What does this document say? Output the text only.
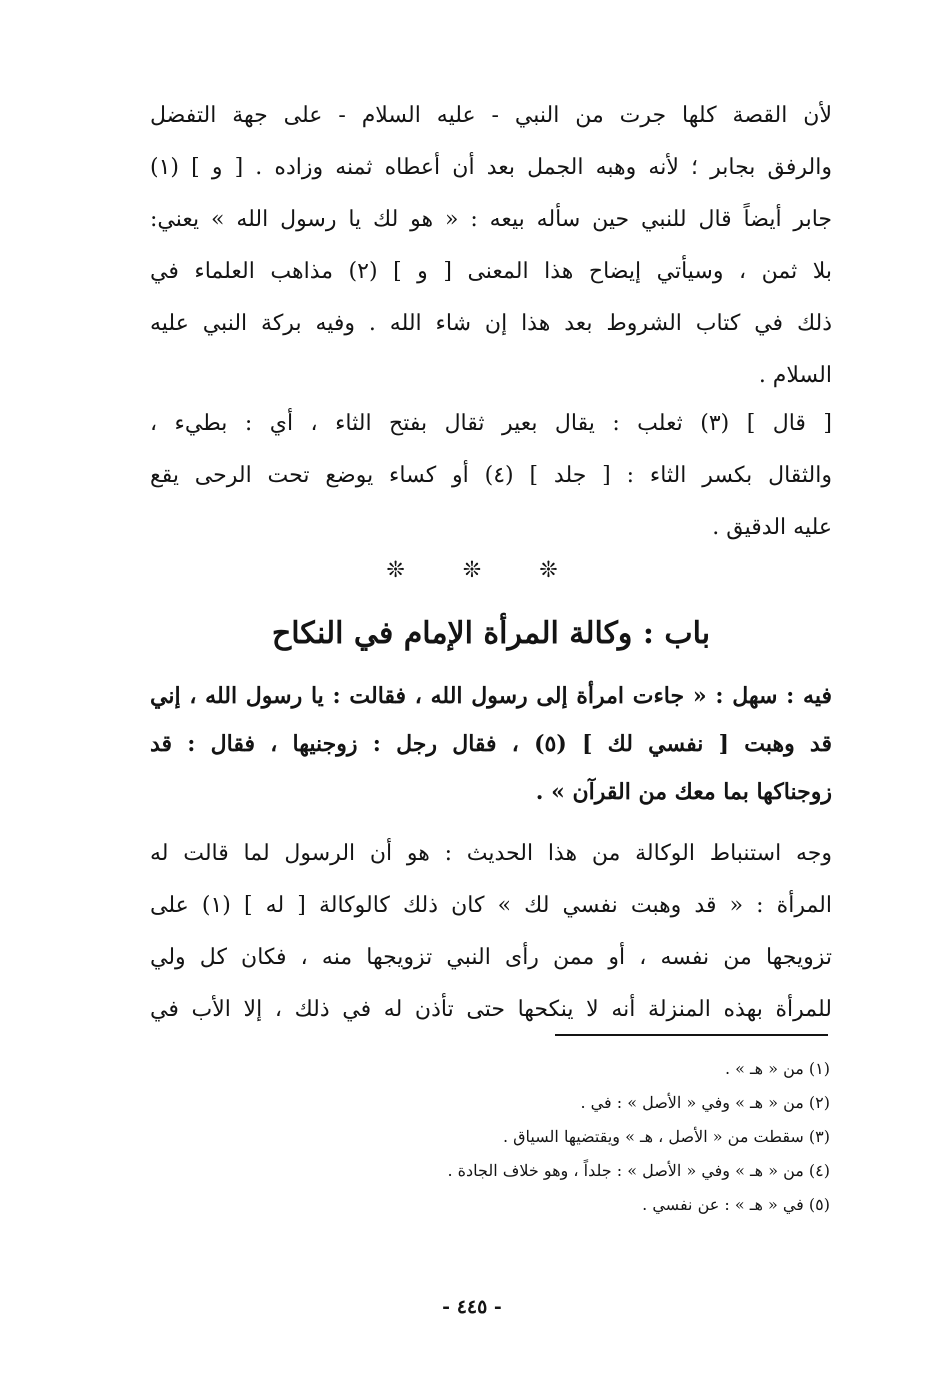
لأن القصة كلها جرت من النبي - عليه السلام - على جهة التفضل
والرفق بجابر ؛ لأنه وهبه الجمل بعد أن أعطاه ثمنه وزاده . [ و ] (١)
جابر أيضاً قال للنبي حين سأله بيعه : « هو لك يا رسول الله » يعني:
بلا ثمن ، وسيأتي إيضاح هذا المعنى [ و ] (٢) مذاهب العلماء في
ذلك في كتاب الشروط بعد هذا إن شاء الله . وفيه بركة النبي عليه
السلام .
[ قال ] (٣) ثعلب : يقال بعير ثقال بفتح الثاء ، أي : بطيء ،
والثقال بكسر الثاء : [ جلد ] (٤) أو كساء يوضع تحت الرحى يقع
عليه الدقيق .
❊
❊
❊
باب : وكالة المرأة الإمام في النكاح
فيه : سهل : « جاءت امرأة إلى رسول الله ، فقالت : يا رسول الله ، إني
قد وهبت [ نفسي لك ] (٥) ، فقال رجل : زوجنيها ، فقال : قد
زوجناكها بما معك من القرآن » .
وجه استنباط الوكالة من هذا الحديث : هو أن الرسول لما قالت له
المرأة : « قد وهبت نفسي لك » كان ذلك كالوكالة [ له ] (١) على
تزويجها من نفسه ، أو ممن رأى النبي تزويجها منه ، فكان كل ولي
للمرأة بهذه المنزلة أنه لا ينكحها حتى تأذن له في ذلك ، إلا الأب في
(١) من « هـ » .
(٢) من « هـ » وفي « الأصل » : في .
(٣) سقطت من « الأصل ، هـ » ويقتضيها السياق .
(٤) من « هـ » وفي « الأصل » : جلداً ، وهو خلاف الجادة .
(٥) في « هـ » : عن نفسي .
- ٤٤٥ -
